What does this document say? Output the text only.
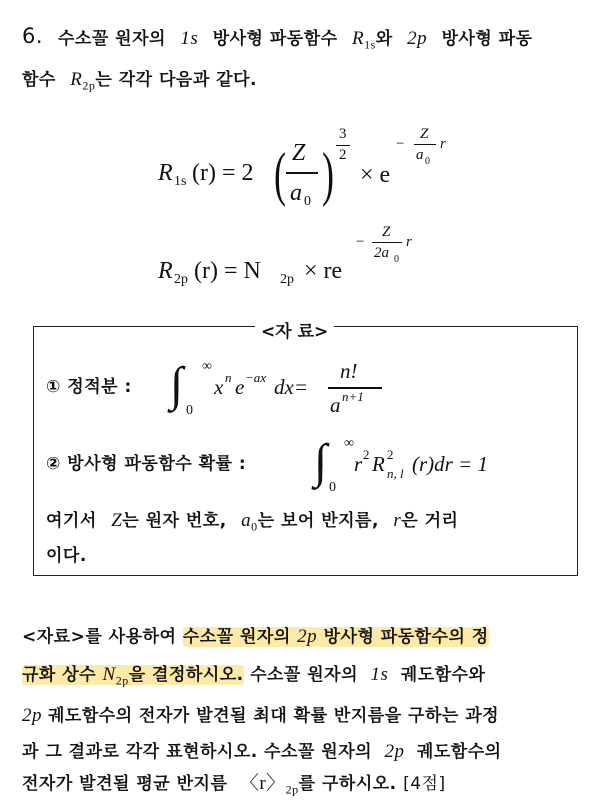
6. 수소꼴 원자의 1s 방사형 파동함수 $R_{1s}$와 2p 방사형 파동
함수 $R_{2p}$는 각각 다음과 같다.
R 1s (r) = 2 ( Z
a 0 )
3
2
× e
−
Z
a 0
r
R 2p (r) = N 2p × re
−
Z
2a 0
r
<자 료>
① 정적분 : ∫ ∞
0
x n e −ax dx=
n!
a n+1
② 방사형 파동함수 확률 : ∫ ∞
0
r 2 R 2
n, l (r)dr = 1
여기서 Z는 원자 번호, $a_0$는 보어 반지름, r은 거리
이다.
<자료>를 사용하여 수소꼴 원자의 2p 방사형 파동함수의 정
규화 상수 $N_{2p}$을 결정하시오. 수소꼴 원자의 1s 궤도함수와
2p 궤도함수의 전자가 발견될 최대 확률 반지름을 구하는 과정
과 그 결과로 각각 표현하시오. 수소꼴 원자의 2p 궤도함수의
전자가 발견될 평균 반지름 〈r〉$_{2p}$를 구하시오. [4점]
